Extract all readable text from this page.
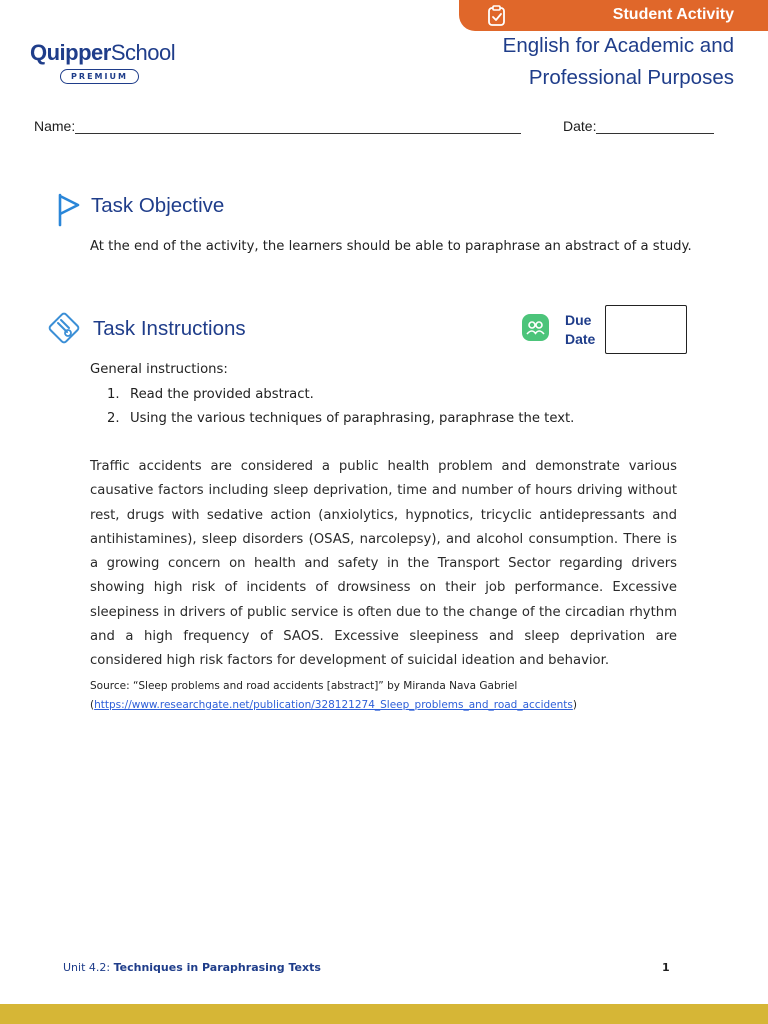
Student Activity
QuipperSchool
PREMIUM
English for Academic and
Professional Purposes
Name:	Date:
Task Objective
At the end of the activity, the learners should be able to paraphrase an abstract of a study.
Task Instructions	Due
Date
General instructions:
1. Read the provided abstract.
2. Using the various techniques of paraphrasing, paraphrase the text.
Traffic accidents are considered a public health problem and demonstrate various causative factors including sleep deprivation, time and number of hours driving without rest, drugs with sedative action (anxiolytics, hypnotics, tricyclic antidepressants and antihistamines), sleep disorders (OSAS, narcolepsy), and alcohol consumption. There is a growing concern on health and safety in the Transport Sector regarding drivers showing high risk of incidents of drowsiness on their job performance. Excessive sleepiness in drivers of public service is often due to the change of the circadian rhythm and a high frequency of SAOS. Excessive sleepiness and sleep deprivation are considered high risk factors for development of suicidal ideation and behavior.
Source: “Sleep problems and road accidents [abstract]” by Miranda Nava Gabriel
(https://www.researchgate.net/publication/328121274_Sleep_problems_and_road_accidents)
Unit 4.2: Techniques in Paraphrasing Texts	1
